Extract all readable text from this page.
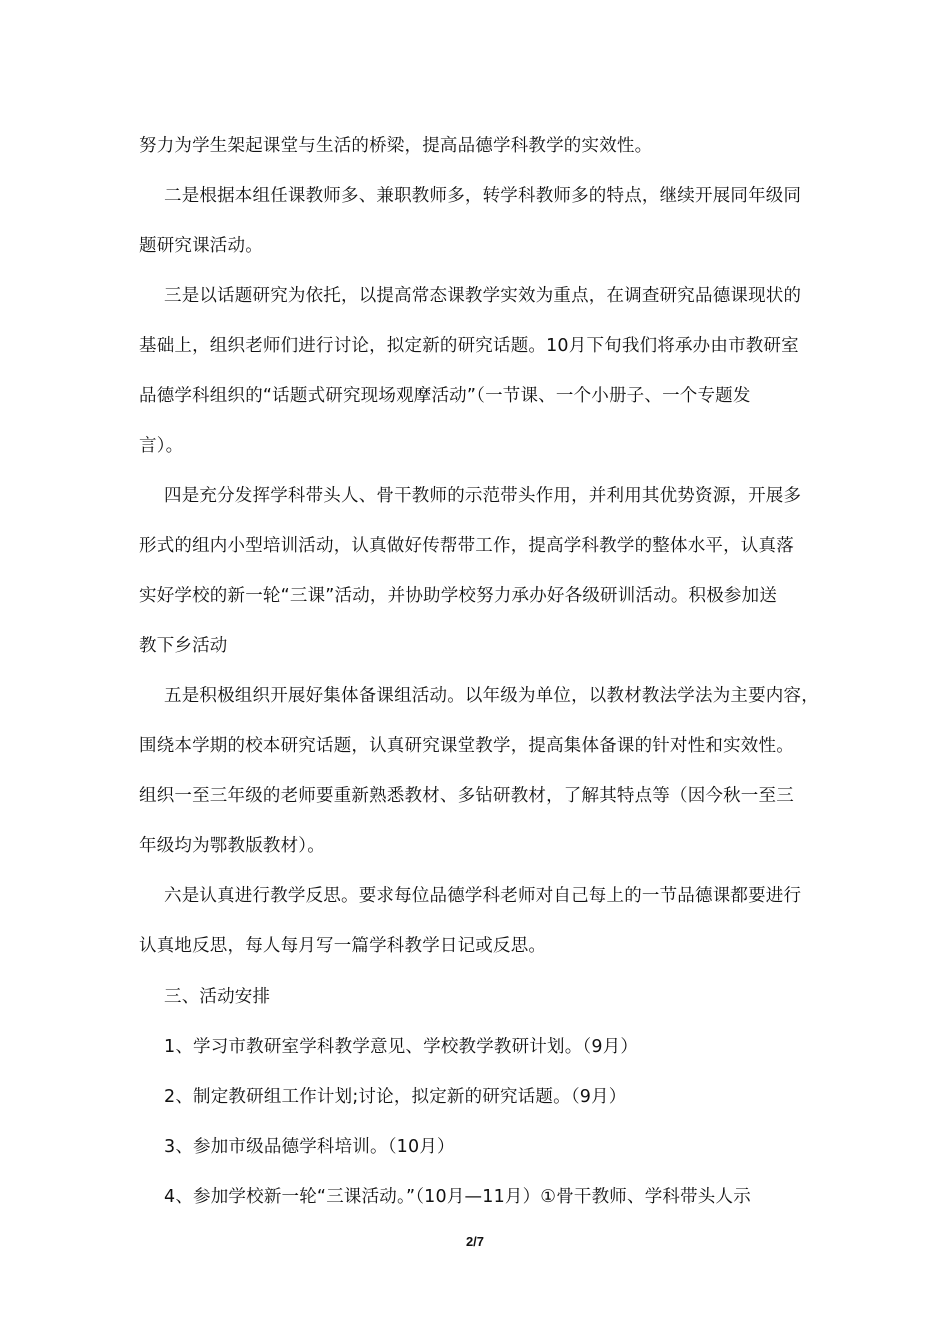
努力为学生架起课堂与生活的桥梁，提高品德学科教学的实效性。
二是根据本组任课教师多、兼职教师多，转学科教师多的特点，继续开展同年级同
题研究课活动。
三是以话题研究为依托，以提高常态课教学实效为重点，在调查研究品德课现状的
基础上，组织老师们进行讨论，拟定新的研究话题。10月下旬我们将承办由市教研室
品德学科组织的“话题式研究现场观摩活动”（一节课、一个小册子、一个专题发
言）。
四是充分发挥学科带头人、骨干教师的示范带头作用，并利用其优势资源，开展多
形式的组内小型培训活动，认真做好传帮带工作，提高学科教学的整体水平，认真落
实好学校的新一轮“三课”活动，并协助学校努力承办好各级研训活动。积极参加送
教下乡活动
五是积极组织开展好集体备课组活动。以年级为单位，以教材教法学法为主要内容，
围绕本学期的校本研究话题，认真研究课堂教学，提高集体备课的针对性和实效性。
组织一至三年级的老师要重新熟悉教材、多钻研教材，了解其特点等（因今秋一至三
年级均为鄂教版教材）。
六是认真进行教学反思。要求每位品德学科老师对自己每上的一节品德课都要进行
认真地反思，每人每月写一篇学科教学日记或反思。
三、活动安排
1、学习市教研室学科教学意见、学校教学教研计划。（9月）
2、制定教研组工作计划;讨论，拟定新的研究话题。（9月）
3、参加市级品德学科培训。（10月）
4、参加学校新一轮“三课活动。”（10月—11月）①骨干教师、学科带头人示
2/7
